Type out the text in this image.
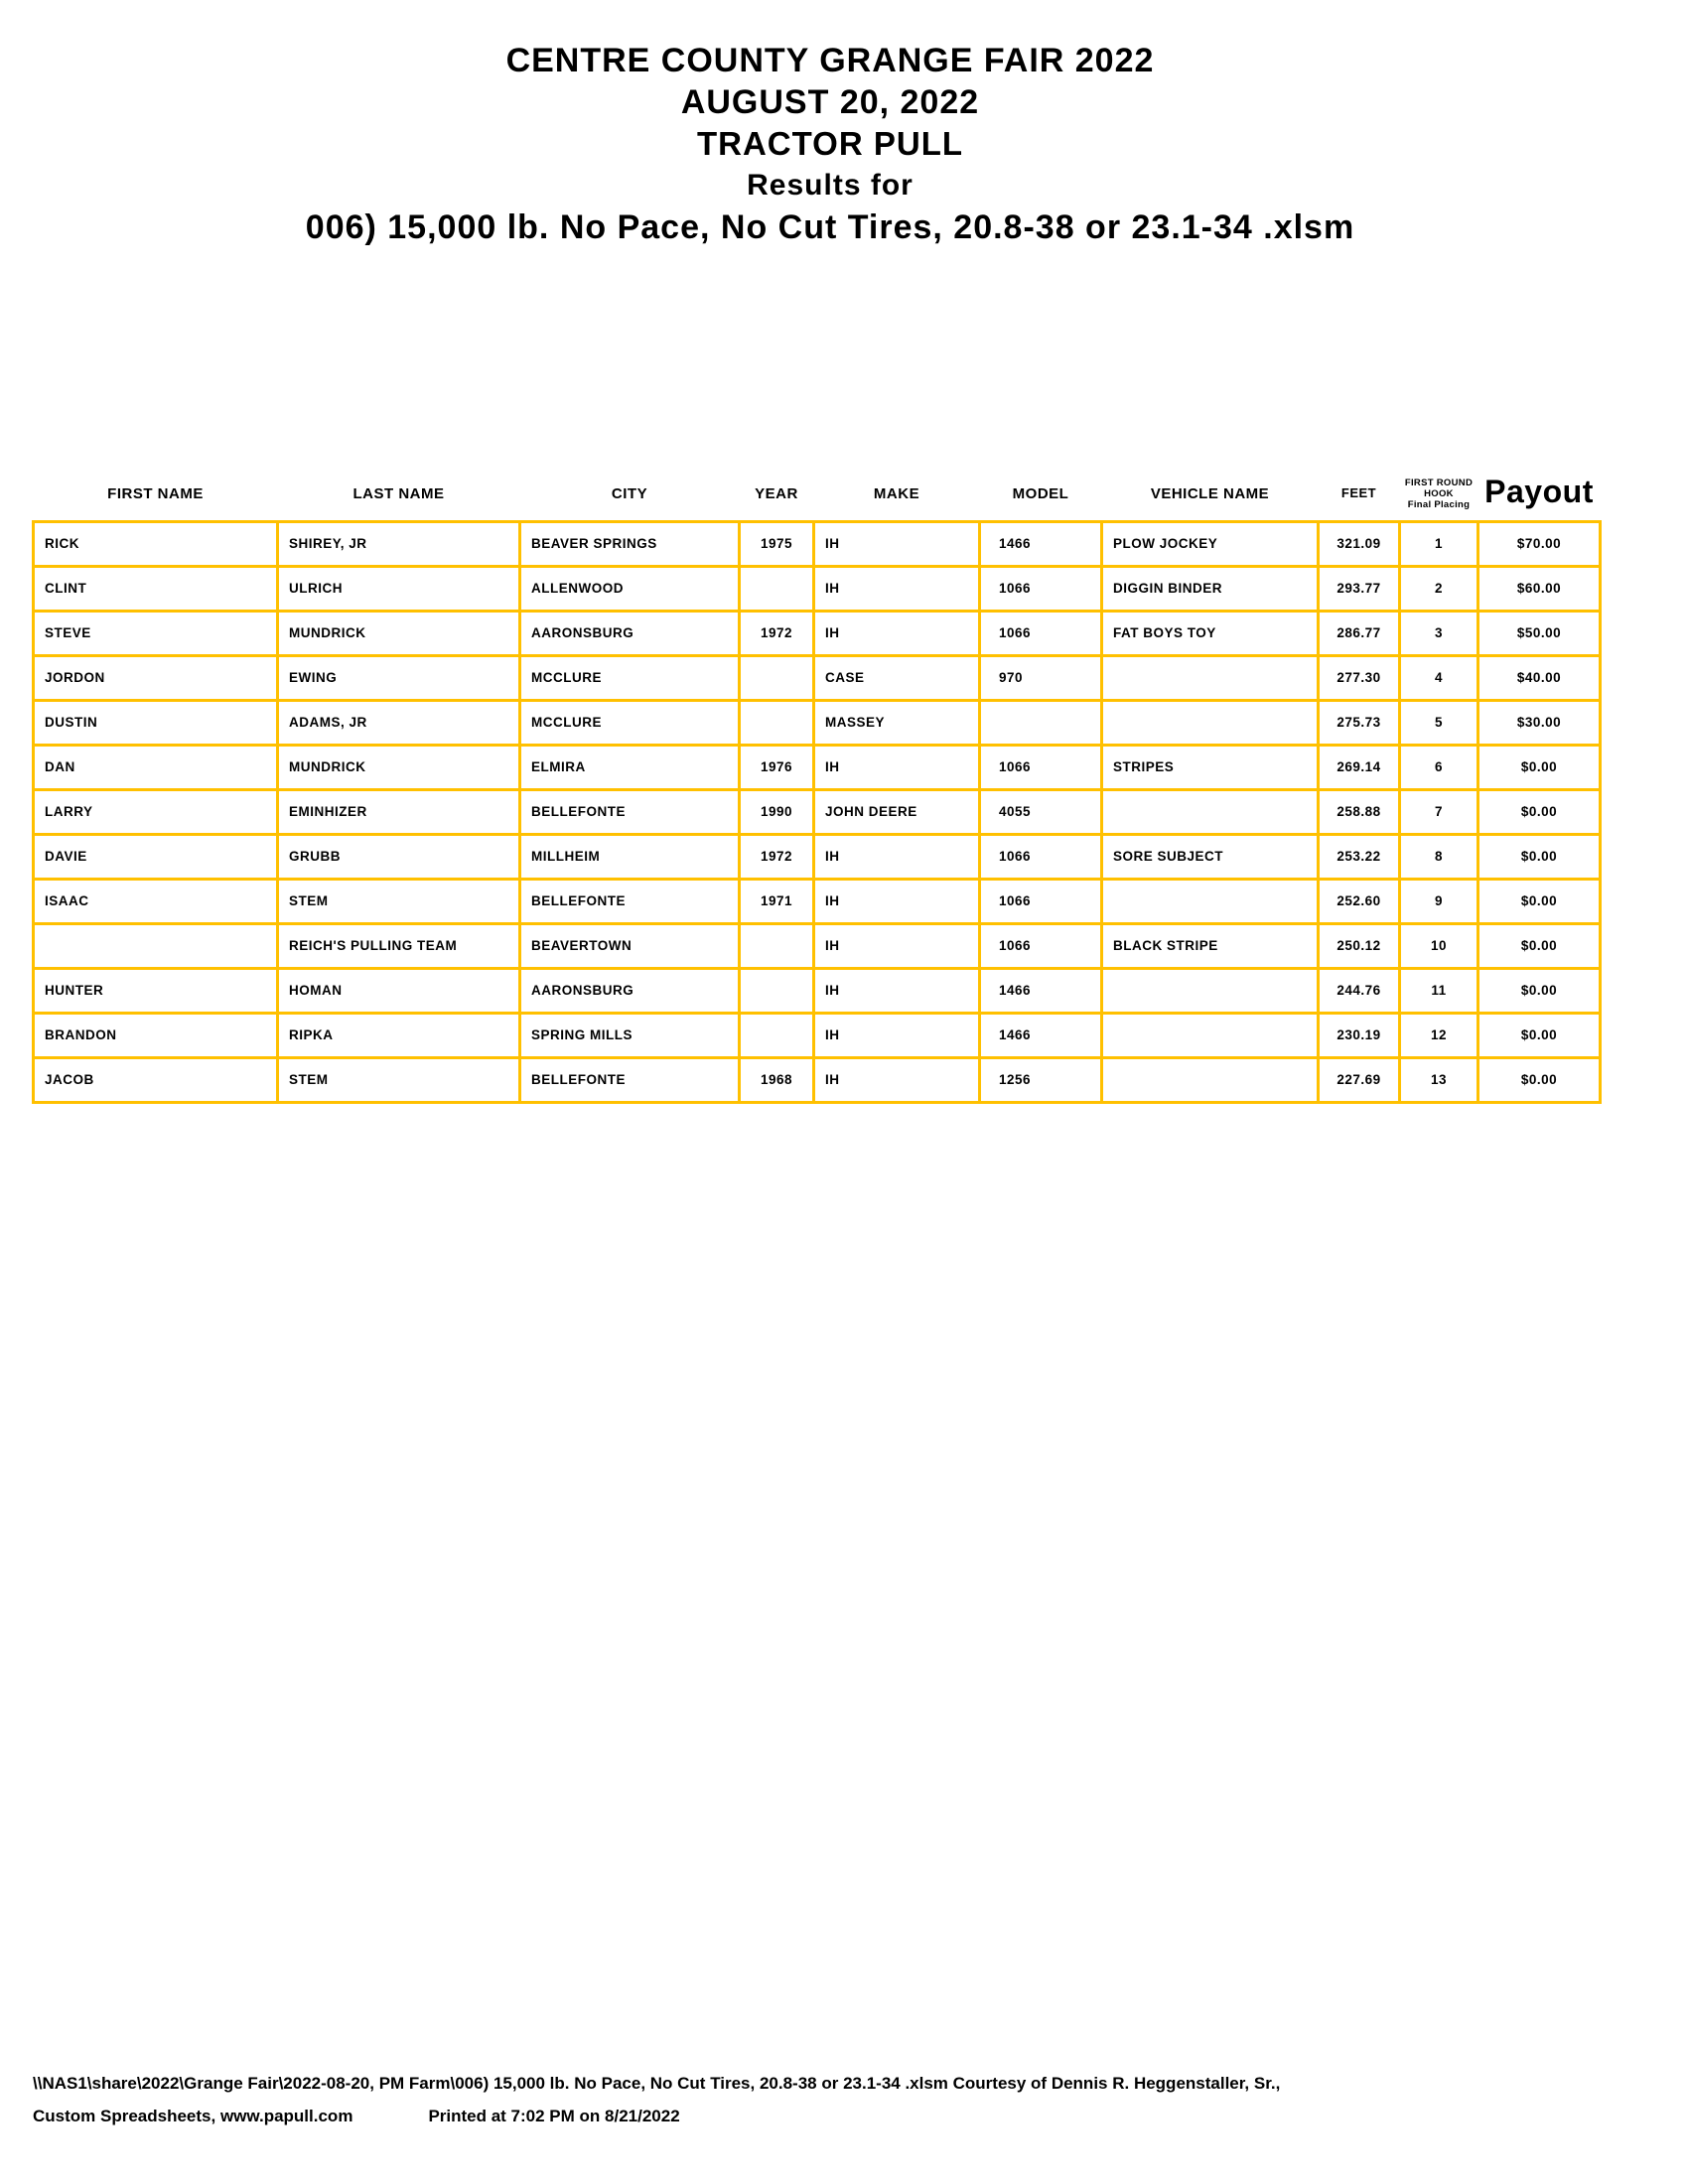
CENTRE COUNTY GRANGE FAIR 2022
AUGUST 20, 2022
TRACTOR PULL
Results for
006) 15,000 lb. No Pace, No Cut Tires, 20.8-38 or 23.1-34 .xlsm
FIRST NAME	LAST NAME	CITY	YEAR	MAKE	MODEL	VEHICLE NAME	FEET	FIRST ROUND
HOOK
Final Placing	Payout
RICK	SHIREY, JR	BEAVER SPRINGS	1975	IH	1466	PLOW JOCKEY	321.09	1	$70.00
CLINT	ULRICH	ALLENWOOD		IH	1066	DIGGIN BINDER	293.77	2	$60.00
STEVE	MUNDRICK	AARONSBURG	1972	IH	1066	FAT BOYS TOY	286.77	3	$50.00
JORDON	EWING	MCCLURE		CASE	970		277.30	4	$40.00
DUSTIN	ADAMS, JR	MCCLURE		MASSEY			275.73	5	$30.00
DAN	MUNDRICK	ELMIRA	1976	IH	1066	STRIPES	269.14	6	$0.00
LARRY	EMINHIZER	BELLEFONTE	1990	JOHN DEERE	4055		258.88	7	$0.00
DAVIE	GRUBB	MILLHEIM	1972	IH	1066	SORE SUBJECT	253.22	8	$0.00
ISAAC	STEM	BELLEFONTE	1971	IH	1066		252.60	9	$0.00
	REICH'S PULLING TEAM	BEAVERTOWN		IH	1066	BLACK STRIPE	250.12	10	$0.00
HUNTER	HOMAN	AARONSBURG		IH	1466		244.76	11	$0.00
BRANDON	RIPKA	SPRING MILLS		IH	1466		230.19	12	$0.00
JACOB	STEM	BELLEFONTE	1968	IH	1256		227.69	13	$0.00
\\NAS1\share\2022\Grange Fair\2022-08-20, PM Farm\006) 15,000 lb. No Pace, No Cut Tires, 20.8-38 or 23.1-34 .xlsm Courtesy of Dennis R. Heggenstaller, Sr.,
Custom Spreadsheets, www.papull.com	Printed at 7:02 PM on 8/21/2022
